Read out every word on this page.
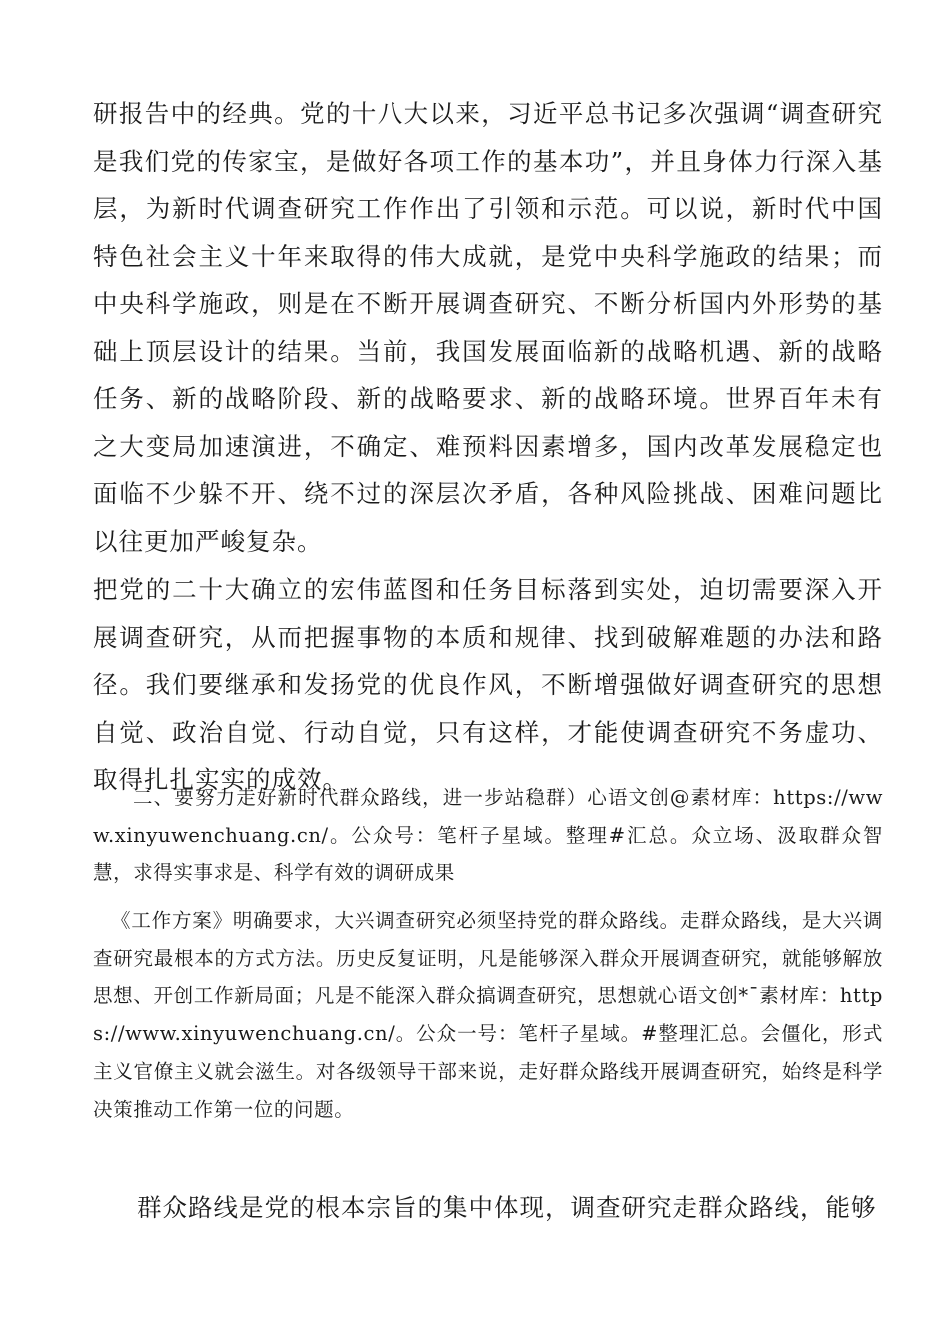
研报告中的经典。党的十八大以来，习近平总书记多次强调“调查研究是我们党的传家宝，是做好各项工作的基本功”，并且身体力行深入基层，为新时代调查研究工作作出了引领和示范。可以说，新时代中国特色社会主义十年来取得的伟大成就，是党中央科学施政的结果；而中央科学施政，则是在不断开展调查研究、不断分析国内外形势的基础上顶层设计的结果。当前，我国发展面临新的战略机遇、新的战略任务、新的战略阶段、新的战略要求、新的战略环境。世界百年未有之大变局加速演进，不确定、难预料因素增多，国内改革发展稳定也面临不少躲不开、绕不过的深层次矛盾，各种风险挑战、困难问题比以往更加严峻复杂。

把党的二十大确立的宏伟蓝图和任务目标落到实处，迫切需要深入开展调查研究，从而把握事物的本质和规律、找到破解难题的办法和路径。我们要继承和发扬党的优良作风，不断增强做好调查研究的思想自觉、政治自觉、行动自觉，只有这样，才能使调查研究不务虚功、取得扎扎实实的成效。

二、要努力走好新时代群众路线，进一步站稳群）心语文创@素材库：https://www.xinyuwenchuang.cn/。公众号：笔杆子星域。整理#汇总。众立场、汲取群众智慧，求得实事求是、科学有效的调研成果

《工作方案》明确要求，大兴调查研究必须坚持党的群众路线。走群众路线，是大兴调查研究最根本的方式方法。历史反复证明，凡是能够深入群众开展调查研究，就能够解放思想、开创工作新局面；凡是不能深入群众搞调查研究，思想就心语文创*¯素材库：https://www.xinyuwenchuang.cn/。公众一号：笔杆子星域。#整理汇总。会僵化，形式主义官僚主义就会滋生。对各级领导干部来说，走好群众路线开展调查研究，始终是科学决策推动工作第一位的问题。

群众路线是党的根本宗旨的集中体现，调查研究走群众路线，能够
